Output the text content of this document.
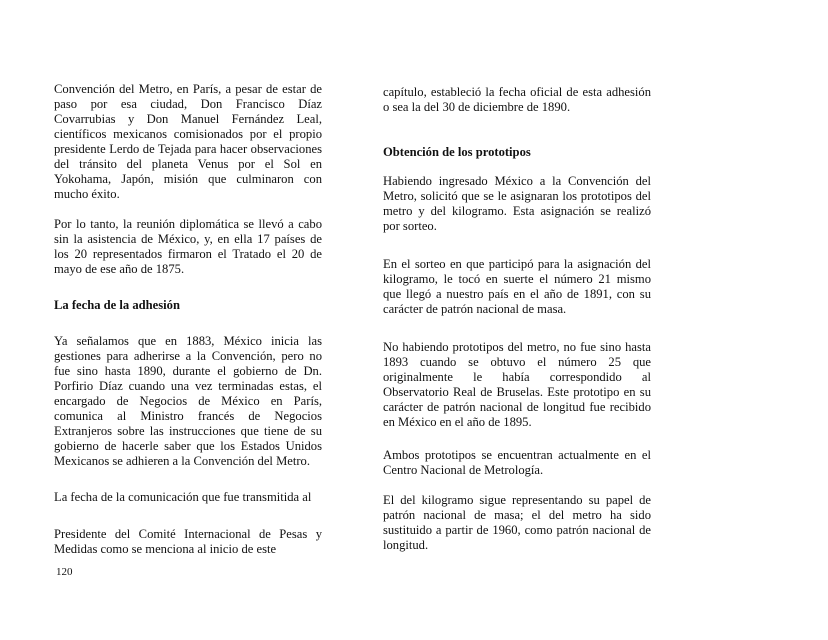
Convención del Metro, en París, a pesar de estar de paso por esa ciudad, Don Francisco Díaz Covarrubias y Don Manuel Fernández Leal, científicos mexicanos comisionados por el propio presidente Lerdo de Tejada para hacer observaciones del tránsito del planeta Venus por el Sol en Yokohama, Japón, misión que culminaron con mucho éxito.

Por lo tanto, la reunión diplomática se llevó a cabo sin la asistencia de México, y, en ella 17 países de los 20 representados firmaron el Tratado el 20 de mayo de ese año de 1875.

La fecha de la adhesión

Ya señalamos que en 1883, México inicia las gestiones para adherirse a la Convención, pero no fue sino hasta 1890, durante el gobierno de Dn. Porfirio Díaz cuando una vez terminadas estas, el encargado de Negocios de México en París, comunica al Ministro francés de Negocios Extranjeros sobre las instrucciones que tiene de su gobierno de hacerle saber que los Estados Unidos Mexicanos se adhieren a la Convención del Metro.

La fecha de la comunicación que fue transmitida al

Presidente del Comité Internacional de Pesas y Medidas como se menciona al inicio de este

capítulo, estableció la fecha oficial de esta adhesión o sea la del 30 de diciembre de 1890.

Obtención de los prototipos

Habiendo ingresado México a la Convención del Metro, solicitó que se le asignaran los prototipos del metro y del kilogramo. Esta asignación se realizó por sorteo.

En el sorteo en que participó para la asignación del kilogramo, le tocó en suerte el número 21 mismo que llegó a nuestro país en el año de 1891, con su carácter de patrón nacional de masa.

No habiendo prototipos del metro, no fue sino hasta 1893 cuando se obtuvo el número 25 que originalmente le había correspondido al Observatorio Real de Bruselas. Este prototipo en su carácter de patrón nacional de longitud fue recibido en México en el año de 1895.

Ambos prototipos se encuentran actualmente en el Centro Nacional de Metrología.

El del kilogramo sigue representando su papel de patrón nacional de masa; el del metro ha sido sustituido a partir de 1960, como patrón nacional de longitud.

120
